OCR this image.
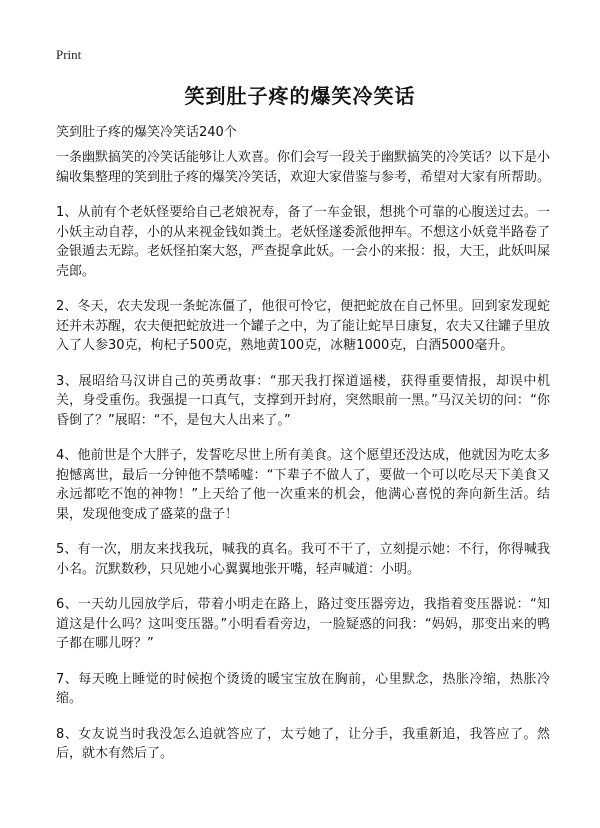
Print
笑到肚子疼的爆笑冷笑话

笑到肚子疼的爆笑冷笑话240个

一条幽默搞笑的冷笑话能够让人欢喜。你们会写一段关于幽默搞笑的冷笑话？以下是小编收集整理的笑到肚子疼的爆笑冷笑话，欢迎大家借鉴与参考，希望对大家有所帮助。

1、从前有个老妖怪要给自己老娘祝寿，备了一车金银，想挑个可靠的心腹送过去。一小妖主动自荐，小的从来视金钱如粪土。老妖怪遂委派他押车。不想这小妖竟半路卷了金银遁去无踪。老妖怪拍案大怒，严查捉拿此妖。一会小的来报：报，大王，此妖叫屎壳郎。

2、冬天，农夫发现一条蛇冻僵了，他很可怜它，便把蛇放在自己怀里。回到家发现蛇还并未苏醒，农夫便把蛇放进一个罐子之中，为了能让蛇早日康复，农夫又往罐子里放入了人参30克，枸杞子500克，熟地黄100克，冰糖1000克，白酒5000毫升。

3、展昭给马汉讲自己的英勇故事：“那天我打探道遥楼，获得重要情报，却误中机关，身受重伤。我强提一口真气，支撑到开封府，突然眼前一黑。”马汉关切的问：“你昏倒了？”展昭：“不，是包大人出来了。”

4、他前世是个大胖子，发誓吃尽世上所有美食。这个愿望还没达成，他就因为吃太多抱憾离世，最后一分钟他不禁唏嘘：“下辈子不做人了，要做一个可以吃尽天下美食又永远都吃不饱的神物！”上天给了他一次重来的机会，他满心喜悦的奔向新生活。结果，发现他变成了盛菜的盘子！

5、有一次，朋友来找我玩，喊我的真名。我可不干了，立刻提示她：不行，你得喊我小名。沉默数秒，只见她小心翼翼地张开嘴，轻声喊道：小明。

6、一天幼儿园放学后，带着小明走在路上，路过变压器旁边，我指着变压器说：“知道这是什么吗？这叫变压器。”小明看看旁边，一脸疑惑的问我：“妈妈，那变出来的鸭子都在哪儿呀？”

7、每天晚上睡觉的时候抱个烫烫的暖宝宝放在胸前，心里默念，热胀冷缩，热胀冷缩。

8、女友说当时我没怎么追就答应了，太亏她了，让分手，我重新追，我答应了。然后，就木有然后了。
